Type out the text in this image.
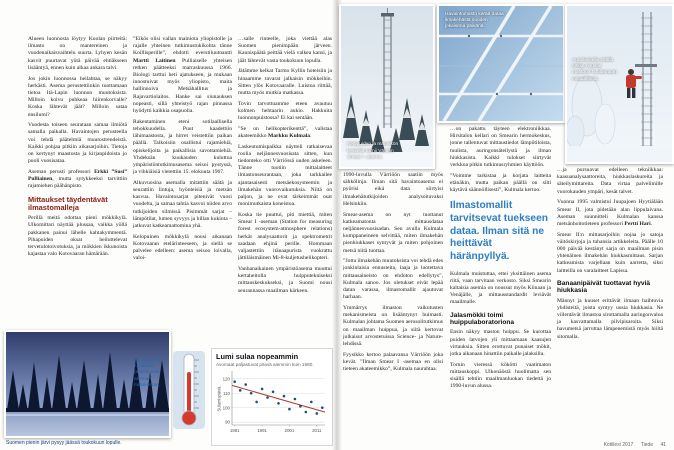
Alueen luonnosta löytyy Kuolan piirteitä: ilmasto on mantereinen ja vuodenaikaisvaihtelu suurta. Lyhyen kesän kasvit puurtavat yötä päivää ehtiäkseen lisääntyä, ennen kuin alkaa ankara talvi.

Jos jokin luonnossa heilahtaa, se näkyy herkästi. Asema perustettiinkin tuottamaan tietoa Itä-Lapin luonnon muutoksista. Milloin koivu puhkeaa hiirenkorvalle? Koska lähtevät jäät? Milloin sataa ensilumi?

Vuodesta toiseen seurataan samaa ilmiötä samalla paikalla. Havaintojen perusteella voi tehdä päätelmiä muutostrendeistä. Kaikki pohjaa pitkiin aikasarjoihin. Tietoja on kertynyt maastosta ja kirjanpidoista jo puoli vuosisataa.

Aseman perusti professori Erkki ”Susi” Pulliainen, mutta sytykkeeksi tarvittiin rajamiehen päähänpisto.

Mittaukset täydentävät ilmastomalleja

Perillä meitä odottaa pieni mökkikylä. Ulkomittari näyttää plussaa, vaikka yöllä pakkanen painui lähelle kahtakymmentä. Pihapuiden oksat heiluttelevat tervetulotoivotuksia, ja mökkien ikkunoista kajastaa valo Kotovaaran hämärään.

”Eikös olisi vallan mainiota yliopistolle ja rajalle yhteinen tutkimustukikohta tänne Koillisperille”, ehdotti everstiluutnantti Martti Laitinen Pulliaiselle yhteisen retken päätteeksi marraskuussa 1966. Biologi tarttui heti ajatukseen, ja mukaan innostuivat myös yliopisto, maita hallinnoiva Metsähallitus ja Rajavartiolaitos. Hanke sai siunauksen nopeasti, sillä yhteistyö rajan pinnassa hyödytti kaikkia osapuolia.

Rakentaminen eteni sotilaallisella tehokkuudella. Puut kaadettiin lähimaastosta, ja hirret veistettiin paikan päällä. Talkoisiin osallistui rajamiehiä, opiskelijoita ja paikallisia savottamiehiä. Yhdeksän kuukauden kuluttua ympäristöntutkimusasema seisoi pystyssä, ja vihkiäisiä vietettiin 15. elokuuta 1967.

Alkuvuosina asemalla mitattiin säätä ja seurattiin lintuja, hyönteisiä ja metsän kasvua. Havaintosarjat pitenivät vuosi vuodelta, ja samaa tahtia kasvoi niiden arvo tutkijoiden silmissä. Pisimmät sarjat – lämpötilat, lumen syvyys ja hillan kukinta – jatkuvat katkeamattomina yhä.

Kelopuinen mökkikylä nousi aikanaan Kotovaaran etelärinteeseen, ja siellä se palvelee edelleen: asema seisoo loivalla, valoi-

…salle rinteelle, joka viettää alas Suomen pienimpään järveen. Kaunispäätä peittää vielä valkea kansi, ja jäät lähtevät vasta toukokuun lopulla.

Jätämme kelkat Tarmo Kyllin hoteisiin ja hinaamme tavarat jalkaisin mökkeihin. Sitten ylös Kotovaaralle. Luistoa riittää, mutta myös mutkia matkassa.

Tovin tarvottuamme eteen avautuu kolmen hehtaarin aukio. Hakkuita luonnonpuistossa? Ei kai sentään.

”Se on helikopterikenttä”, valistaa akateemikko Markku Kulmala.

Laskeutumispaikka näytteli ratkaisevaa roolia neljännesvuosisata sitten, kun tiedonteko otti Värriössä uuden askeleen. Tänne tuotiin mittalaitteet ilmastonseurantaan, joka tarkkailee ajantasaisesti metsäekosysteemin ja ilmakehän vuorovaikutuksia. Niitä on paljon, ja ne ovat tärkeimmät osat monimutkaista koneistoa.

Koska tie puuttui, piti miettiä, miten Smear I -aseman (Station for measuring forest ecosystem-atmosphere relations) herkät analysaattorit ja spektrometrit saadaan ehjinä perille. Hommaan valjastettiin itänaapurista vuokrattu jättiläismäinen Mi-8-kuljetushelikopteri.

Vanhanaikainen ympäristöasema muuttui kertaheitolla huipputekniseksi mittauskeskukseksi, ja Suomi nousi seurannassa maailman kärkeen.

Suomen pienin järvi pysyy jäässä toukokuun lopulle.
Huhtikuussa lumiturkki peittää vielä aseman mittakentän.
Lumi sulaa nopeammin
Avomaat paljastuvat päiviä aiemmin kuin 1980.
90
100
110
120
1981	1991	2001	2011
Sulamispäivä
Kelopuiden ja männikön keskellä toimii Värriön Smear I -asema.
Havaintomasto kerää dataa ilmakehästä vuoden jokaisena päivänä.
Aurinkoisella säällä tutkija nousee mastoon huoltamaan mittalaitteita.

1990-luvulla Värriöön saatiin myös sähkölinja. Ilman sitä havaintoasema ei pyörisi eikä data siirtyisi ilmakehätutkijoiden analysoitavaksi Helsinkiin.

Smear-asema on nyt tuottanut katkeamatonta mittausdataa neljännesvuosisadan. Sen avulla Kulmala kumppaneineen selvittää, miten ilmakehän pienhiukkaset syntyvät ja miten pohjoinen metsä niitä tuottaa.

”Jotta ilmakehän muutoksista voi tehdä edes jonkinlaisia ennusteita, laaja ja luotettava mittausaineisto on ehdoton edellytys”, Kulmala sanoo. Jos oletukset eivät lepää datan varassa, ilmastomallit ajautuvat harhaan.

Ymmärrys ilmaston vaikutusten mekanismeista on lisääntynyt huimasti. Kulmalan johtama Suomen aerosolitutkimus on maailman huippua, ja siitä kertovat julkaisut arvostetuissa Science- ja Nature-lehdissä.

Fyysikko kertoo palaavansa Värriöön joka kevät. ”Ilman Smear I -asemaa en olisi tieteen akateemikko”, Kulmala naurahtaa.

…on pakattu täyteen elektroniikkaa. Hirsitalon kellari on Smearin hermokeskus, jonne tallentuvat mittaustiedot lämpötiloista, tuulista, auringonsäteilystä ja ilman hiukkasista. Kaikki tulokset siirtyvät verkkoa pitkin tutkimusryhmien käyttöön.

”Voimme tarkistaa ja korjata laitteita etänäkin, mutta paikan päällä on silti käytävä säännöllisesti”, Kulmala kertoo.

Ilmastomallit tarvitsevat tuekseen dataa. Ilman sitä ne heittävät häränpyllyä.

Kulmala muistuttaa, ettei yksittäinen asema riitä, vaan tarvitaan verkosto. Siksi Smearin kaltaisia asemia on noussut myös Kiinaan ja Venäjälle, ja mittausstandardit leviävät maailmalle.

Jalasmökki toimi huippulaboratoriona

Ensin näkyy maston huippu. Se kurottaa puiden latvojen yli mittaamaan kaasujen virtauksia. Sitten erottuvat punaiset mökit, jotka aikanaan hinattiin paikalle jalaksilla.

Tornin vieressä kökötti vaatimaton mittauskoppi. Ulkonäöstä huolimatta sen sisällä tehtiin maailmanluokan tiedettä jo 1990-luvun alussa.

…ja pursuavat edelleen tekniikkaa: kaasuanalysaattoreita, hiukkaslaskureita ja säteilymittareita. Data virtaa palvelimille vuorokauden ympäri, kesät talvet.

Vuonna 1995 valmistui Juupajoen Hyytiälään Smear II, jota pidetään alan lippulaivana. Aseman suunnitteli Kulmalan kanssa metsänhoitotieteen professori Pertti Hari.

Smear II:n mittasarjoihin nojaa jo satoja väitöskirjoja ja tuhansia artikkeleita. Päälle 10 000 päivää kestänyt sarja on maailman pisin yhtenäinen ilmakehän hiukkasmittaus. Sarjan katkeamista varjellaan kuin aarretta, siksi laitteilla on varalaitteet Lapissa.

Banaanipäivät tuottavat hyviä hiukkasia

Männyt ja kuuset erittävät ilmaan haihtuvia yhdisteitä, joista syntyy uusia hiukkasia. Ne viilentävät ilmastoa sirottamalla auringonvaloa ja kasvattamalla pilvipisaroita. Siksi havumetsä jarruttaa lämpenemistä myös hiiltä sitomalla.

Kotiliesi 2017 Tiede 41
